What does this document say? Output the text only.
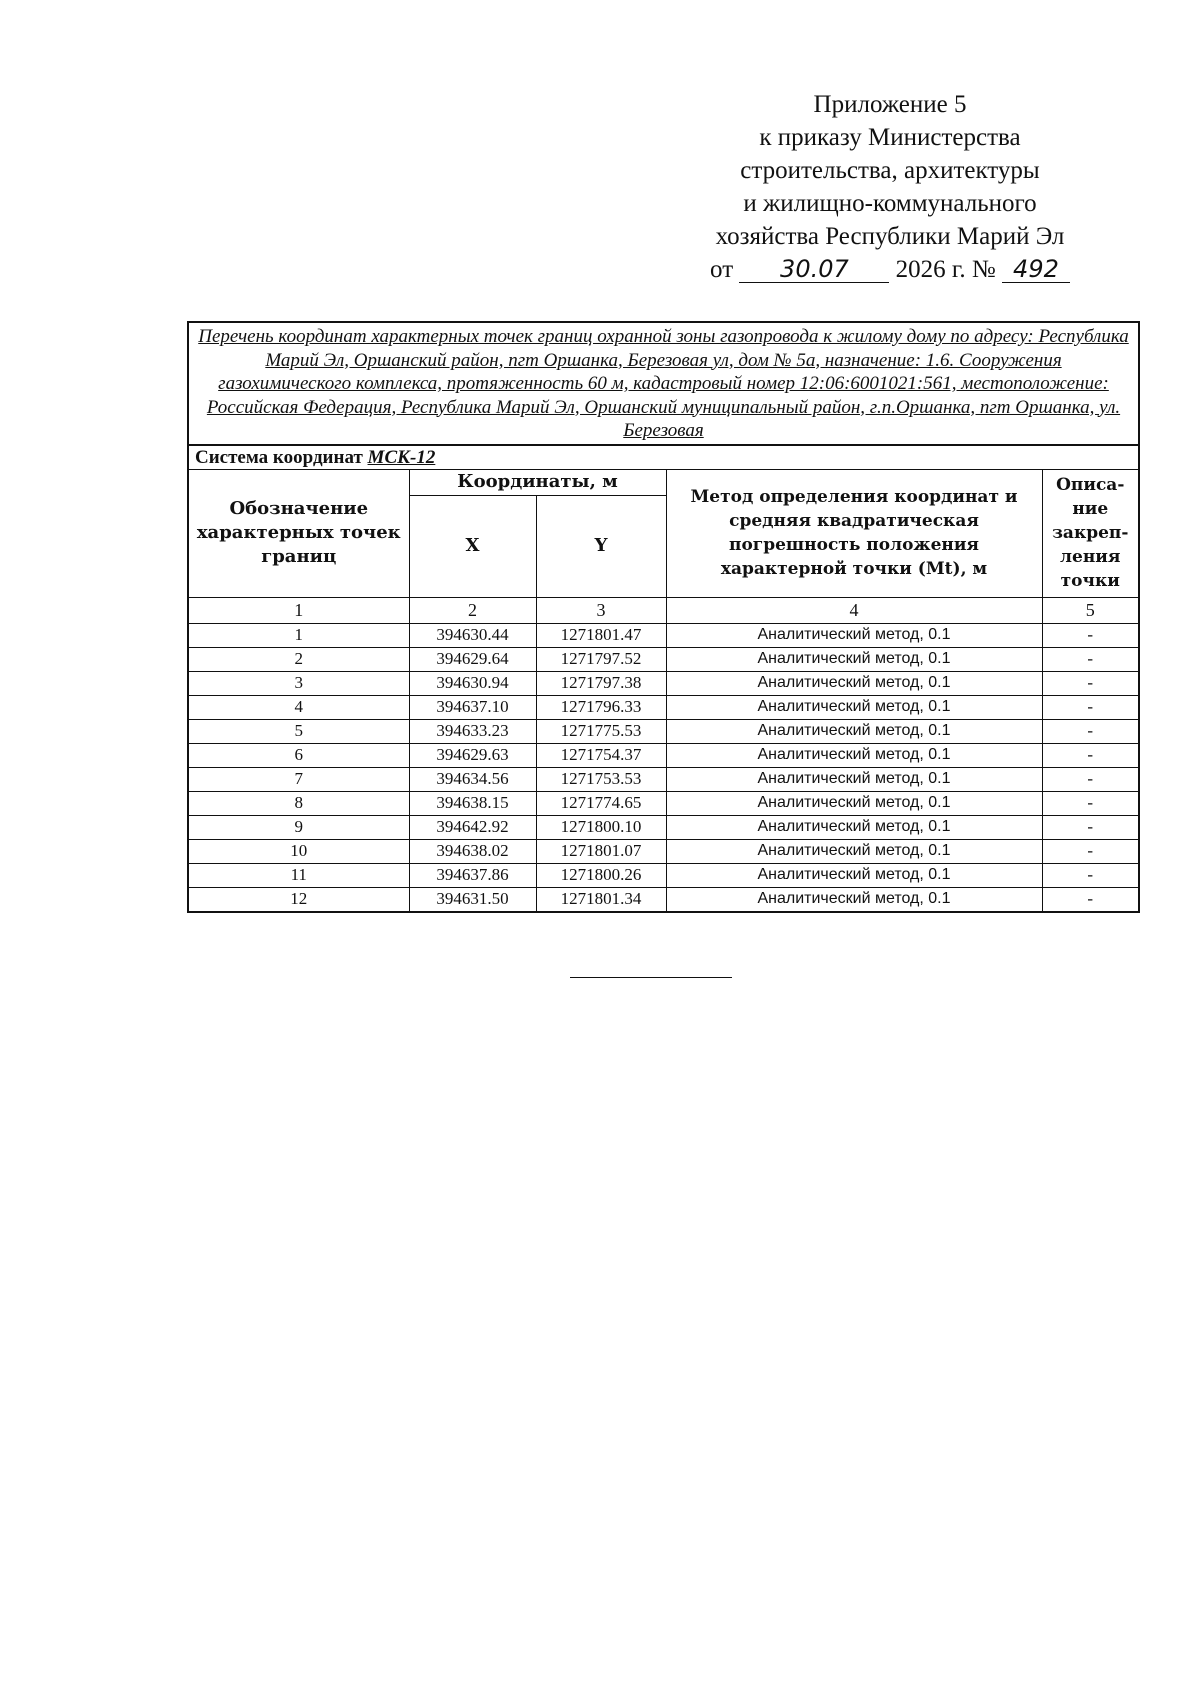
Приложение 5
к приказу Министерства
строительства, архитектуры
и жилищно-коммунального
хозяйства Республики Марий Эл
от 30.07 2026 г. № 492
Перечень координат характерных точек границ охранной зоны газопровода к жилому дому по адресу: Республика Марий Эл, Оршанский район, пгт Оршанка, Березовая ул, дом № 5а, назначение: 1.6. Сооружения газохимического комплекса, протяженность 60 м, кадастровый номер 12:06:6001021:561, местоположение: Российская Федерация, Республика Марий Эл, Оршанский муниципальный район, г.п.Оршанка, пгт Оршанка, ул. Березовая				
Система координат МСК-12				
Обозначение характерных точек границ	Координаты, м		Метод определения координат и средняя квадратическая погрешность положения характерной точки (Mt), м	Описа-ние закреп-ления точки
	X	Y		
1	2	3	4	5
1	394630.44	1271801.47	Аналитический метод, 0.1	-
2	394629.64	1271797.52	Аналитический метод, 0.1	-
3	394630.94	1271797.38	Аналитический метод, 0.1	-
4	394637.10	1271796.33	Аналитический метод, 0.1	-
5	394633.23	1271775.53	Аналитический метод, 0.1	-
6	394629.63	1271754.37	Аналитический метод, 0.1	-
7	394634.56	1271753.53	Аналитический метод, 0.1	-
8	394638.15	1271774.65	Аналитический метод, 0.1	-
9	394642.92	1271800.10	Аналитический метод, 0.1	-
10	394638.02	1271801.07	Аналитический метод, 0.1	-
11	394637.86	1271800.26	Аналитический метод, 0.1	-
12	394631.50	1271801.34	Аналитический метод, 0.1	-
